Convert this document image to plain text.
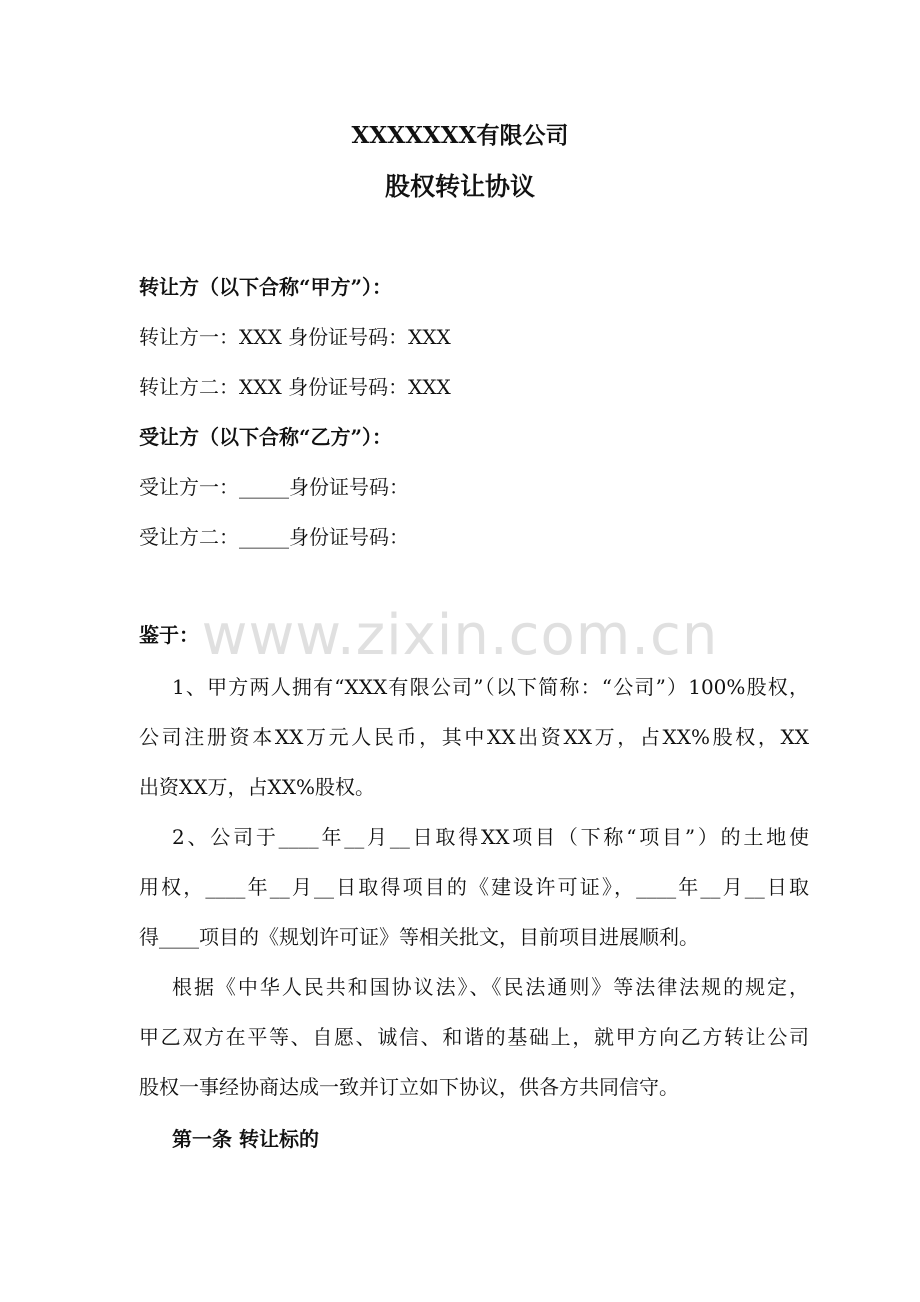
XXXXXXX有限公司
股权转让协议
转让方（以下合称“甲方”）：
转让方一：XXX 身份证号码：XXX
转让方二：XXX 身份证号码：XXX
受让方（以下合称“乙方”）：
受让方一：_____身份证号码：
受让方二：_____身份证号码：
鉴于：
1、甲方两人拥有“XXX有限公司”（以下简称：“公司”）100%股权，
公司注册资本XX万元人民币，其中XX出资XX万，占XX%股权，XX
出资XX万，占XX%股权。
2、公司于____年__月__日取得XX项目（下称“项目”）的土地使
用权，____年__月__日取得项目的《建设许可证》，____年__月__日取
得____项目的《规划许可证》等相关批文，目前项目进展顺利。
根据《中华人民共和国协议法》、《民法通则》等法律法规的规定，
甲乙双方在平等、自愿、诚信、和谐的基础上，就甲方向乙方转让公司
股权一事经协商达成一致并订立如下协议，供各方共同信守。
第一条 转让标的
www.zixin.com.cn
